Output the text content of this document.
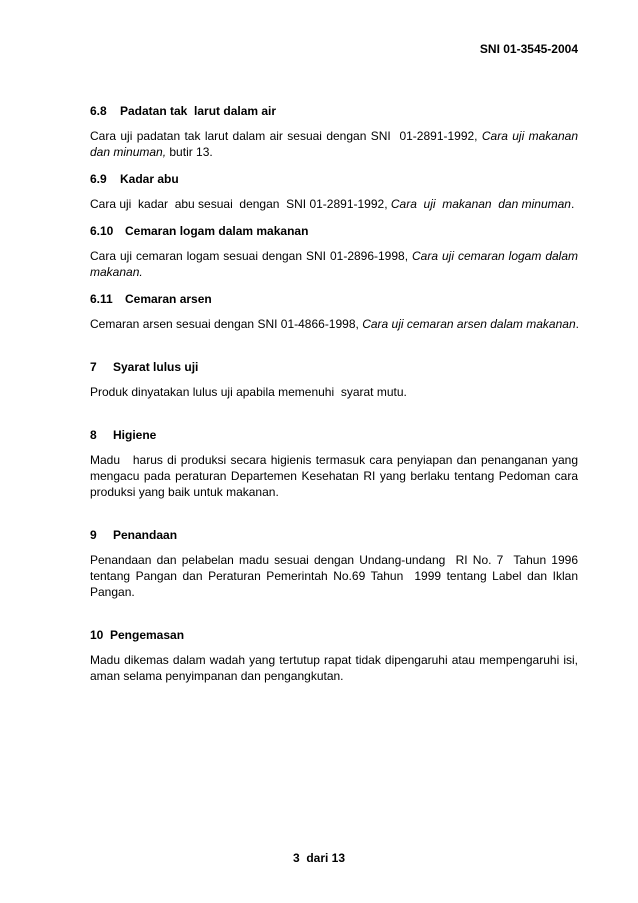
SNI 01-3545-2004

6.8 Padatan tak  larut dalam air

Cara uji padatan tak larut dalam air sesuai dengan SNI  01-2891-1992, Cara uji makanan dan minuman, butir 13.

6.9 Kadar abu

Cara uji  kadar  abu sesuai  dengan  SNI 01-2891-1992, Cara  uji  makanan  dan minuman.

6.10 Cemaran logam dalam makanan

Cara uji cemaran logam sesuai dengan SNI 01-2896-1998, Cara uji cemaran logam dalam makanan.

6.11 Cemaran arsen

Cemaran arsen sesuai dengan SNI 01-4866-1998, Cara uji cemaran arsen dalam makanan.

7 Syarat lulus uji

Produk dinyatakan lulus uji apabila memenuhi  syarat mutu.

8 Higiene

Madu   harus di produksi secara higienis termasuk cara penyiapan dan penanganan yang mengacu pada peraturan Departemen Kesehatan RI yang berlaku tentang Pedoman cara produksi yang baik untuk makanan.

9 Penandaan

Penandaan dan pelabelan madu sesuai dengan Undang-undang  RI No. 7  Tahun 1996 tentang Pangan dan Peraturan Pemerintah No.69 Tahun  1999 tentang Label dan Iklan Pangan.

10 Pengemasan

Madu dikemas dalam wadah yang tertutup rapat tidak dipengaruhi atau mempengaruhi isi, aman selama penyimpanan dan pengangkutan.

3  dari 13
